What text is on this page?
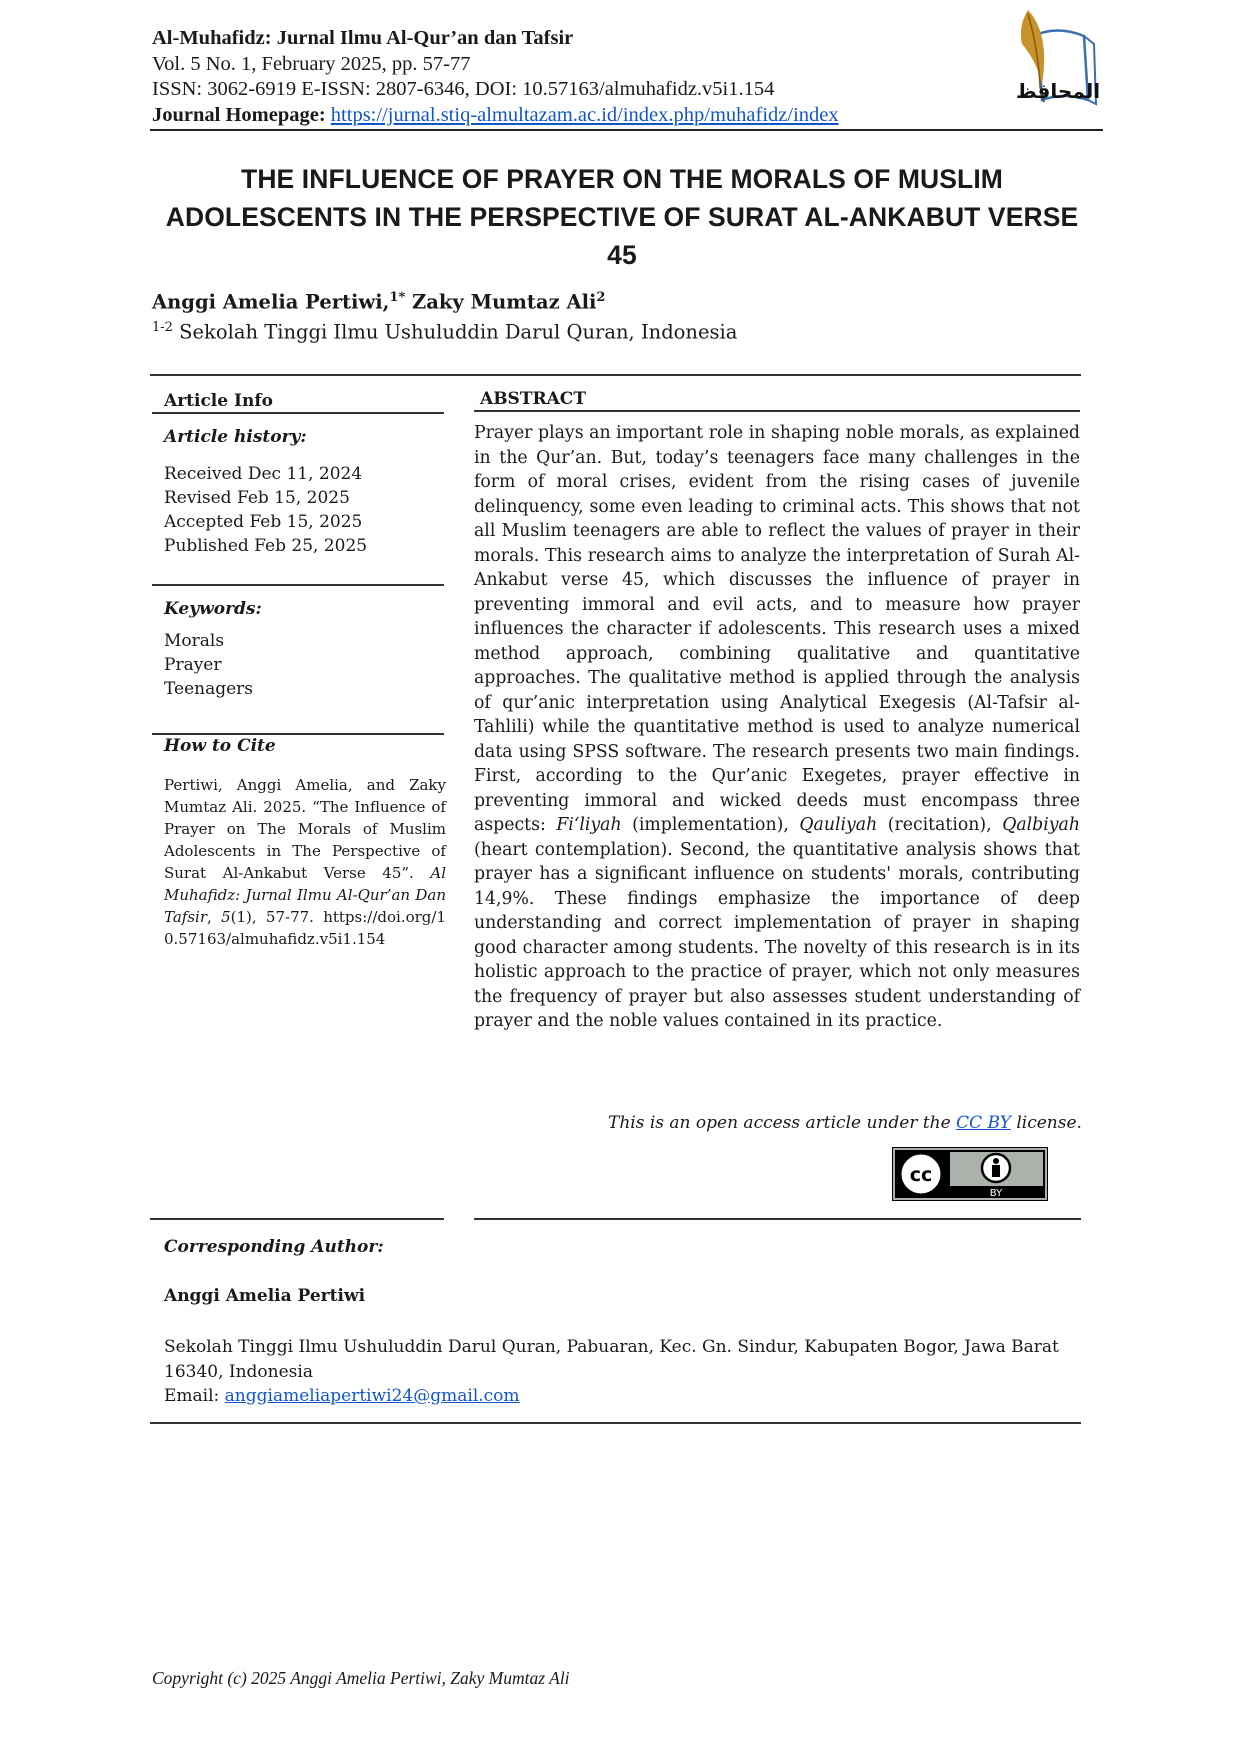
Al-Muhafidz: Jurnal Ilmu Al-Qur’an dan Tafsir
Vol. 5 No. 1, February 2025, pp. 57-77
ISSN: 3062-6919 E-ISSN: 2807-6346, DOI: 10.57163/almuhafidz.v5i1.154
Journal Homepage: https://jurnal.stiq-almultazam.ac.id/index.php/muhafidz/index
المحافظ
THE INFLUENCE OF PRAYER ON THE MORALS OF MUSLIM
ADOLESCENTS IN THE PERSPECTIVE OF SURAT AL-ANKABUT VERSE
45
Anggi Amelia Pertiwi,$^{1*}$ Zaky Mumtaz Ali$^2$
$^{1-2}$ Sekolah Tinggi Ilmu Ushuluddin Darul Quran, Indonesia
Article Info
Article history:
Received Dec 11, 2024
Revised Feb 15, 2025
Accepted Feb 15, 2025
Published Feb 25, 2025
Keywords:
Morals
Prayer
Teenagers
How to Cite
Pertiwi, Anggi Amelia, and Zaky Mumtaz Ali. 2025. “The Influence of Prayer on The Morals of Muslim Adolescents in The Perspective of Surat Al-Ankabut Verse 45”. Al Muhafidz: Jurnal Ilmu Al-Qur’an Dan Tafsir, 5(1), 57-77. https://doi.org/10.57163/almuhafidz.v5i1.154
ABSTRACT
Prayer plays an important role in shaping noble morals, as explained in the Qur’an. But, today’s teenagers face many challenges in the form of moral crises, evident from the rising cases of juvenile delinquency, some even leading to criminal acts. This shows that not all Muslim teenagers are able to reflect the values of prayer in their morals. This research aims to analyze the interpretation of Surah Al-Ankabut verse 45, which discusses the influence of prayer in preventing immoral and evil acts, and to measure how prayer influences the character if adolescents. This research uses a mixed method approach, combining qualitative and quantitative approaches. The qualitative method is applied through the analysis of qur’anic interpretation using Analytical Exegesis (Al-Tafsir al-Tahlili) while the quantitative method is used to analyze numerical data using SPSS software. The research presents two main findings. First, according to the Qur’anic Exegetes, prayer effective in preventing immoral and wicked deeds must encompass three aspects: Fi‘liyah (implementation), Qauliyah (recitation), Qalbiyah (heart contemplation). Second, the quantitative analysis shows that prayer has a significant influence on students' morals, contributing 14,9%. These findings emphasize the importance of deep understanding and correct implementation of prayer in shaping good character among students. The novelty of this research is in its holistic approach to the practice of prayer, which not only measures the frequency of prayer but also assesses student understanding of prayer and the noble values contained in its practice.
This is an open access article under the CC BY license.
cc
BY
Corresponding Author:
Anggi Amelia Pertiwi
Sekolah Tinggi Ilmu Ushuluddin Darul Quran, Pabuaran, Kec. Gn. Sindur, Kabupaten Bogor, Jawa Barat 16340, Indonesia
Email: anggiameliapertiwi24@gmail.com
Copyright (c) 2025 Anggi Amelia Pertiwi, Zaky Mumtaz Ali
